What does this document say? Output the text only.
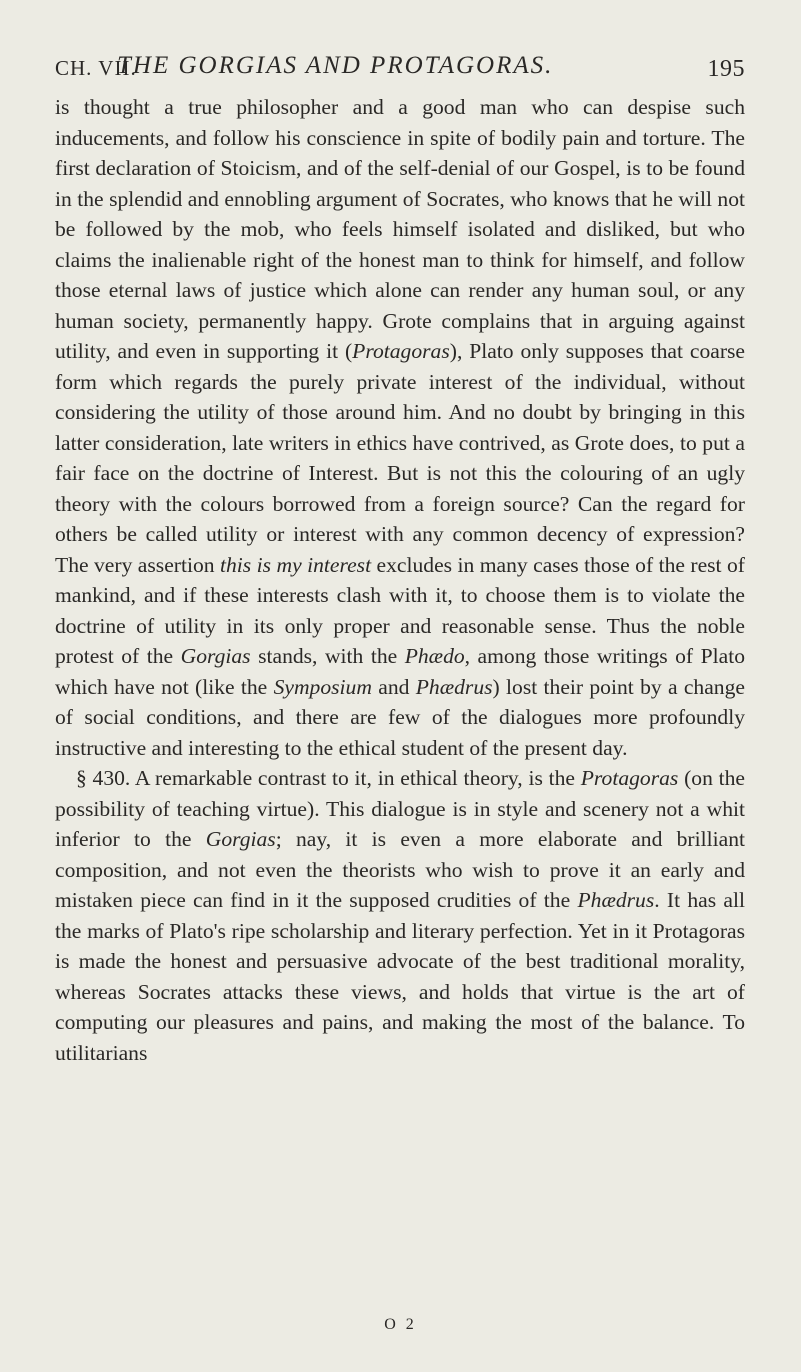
CH. VII.
THE GORGIAS AND PROTAGORAS.	195

is thought a true philosopher and a good man who can despise such inducements, and follow his conscience in spite of bodily pain and torture. The first declaration of Stoicism, and of the self-denial of our Gospel, is to be found in the splendid and ennobling argument of Socrates, who knows that he will not be followed by the mob, who feels himself isolated and disliked, but who claims the inalienable right of the honest man to think for himself, and follow those eternal laws of justice which alone can render any human soul, or any human society, permanently happy. Grote complains that in arguing against utility, and even in supporting it (Protagoras), Plato only supposes that coarse form which regards the purely private interest of the individual, without considering the utility of those around him. And no doubt by bringing in this latter consideration, late writers in ethics have contrived, as Grote does, to put a fair face on the doctrine of Interest. But is not this the colouring of an ugly theory with the colours borrowed from a foreign source? Can the regard for others be called utility or interest with any common decency of expression? The very assertion this is my interest excludes in many cases those of the rest of mankind, and if these interests clash with it, to choose them is to violate the doctrine of utility in its only proper and reasonable sense. Thus the noble protest of the Gorgias stands, with the Phædo, among those writings of Plato which have not (like the Symposium and Phædrus) lost their point by a change of social conditions, and there are few of the dialogues more profoundly instructive and interesting to the ethical student of the present day.

§ 430. A remarkable contrast to it, in ethical theory, is the Protagoras (on the possibility of teaching virtue). This dialogue is in style and scenery not a whit inferior to the Gorgias; nay, it is even a more elaborate and brilliant composition, and not even the theorists who wish to prove it an early and mistaken piece can find in it the supposed crudities of the Phædrus. It has all the marks of Plato's ripe scholarship and literary perfection. Yet in it Protagoras is made the honest and persuasive advocate of the best traditional morality, whereas Socrates attacks these views, and holds that virtue is the art of computing our pleasures and pains, and making the most of the balance. To utilitarians

O 2
